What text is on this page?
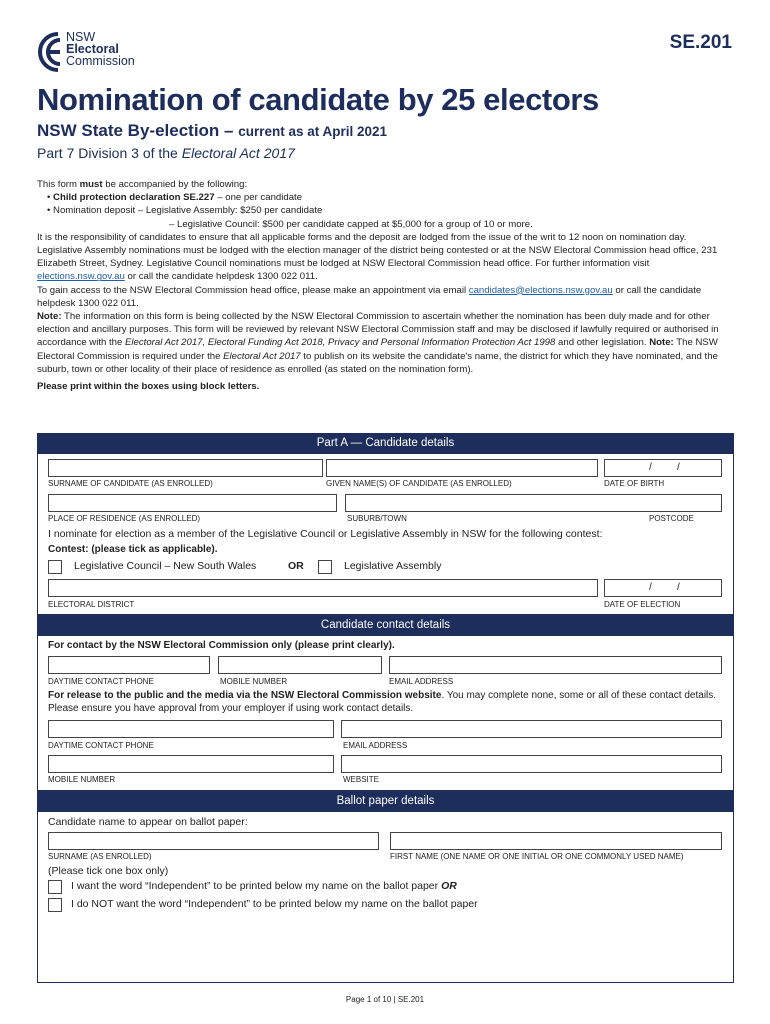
NSW
Electoral
Commission
SE.201
Nomination of candidate by 25 electors
NSW State By-election – current as at April 2021
Part 7 Division 3 of the Electoral Act 2017

This form must be accompanied by the following:

• Child protection declaration SE.227 – one per candidate

• Nomination deposit – Legislative Assembly: $250 per candidate

– Legislative Council: $500 per candidate capped at $5,000 for a group of 10 or more.

It is the responsibility of candidates to ensure that all applicable forms and the deposit are lodged from the issue of the writ to 12 noon on nomination day.

Legislative Assembly nominations must be lodged with the election manager of the district being contested or at the NSW Electoral Commission head office, 231 Elizabeth Street, Sydney. Legislative Council nominations must be lodged at NSW Electoral Commission head office. For further information visit elections.nsw.gov.au or call the candidate helpdesk 1300 022 011.

To gain access to the NSW Electoral Commission head office, please make an appointment via email candidates@elections.nsw.gov.au or call the candidate helpdesk 1300 022 011.

Note: The information on this form is being collected by the NSW Electoral Commission to ascertain whether the nomination has been duly made and for other election and ancillary purposes. This form will be reviewed by relevant NSW Electoral Commission staff and may be disclosed if lawfully required or authorised in accordance with the Electoral Act 2017, Electoral Funding Act 2018, Privacy and Personal Information Protection Act 1998 and other legislation. Note: The NSW Electoral Commission is required under the Electoral Act 2017 to publish on its website the candidate's name, the district for which they have nominated, and the suburb, town or other locality of their place of residence as enrolled (as stated on the nomination form).

Please print within the boxes using block letters.

Part A — Candidate details
/	/
SURNAME OF CANDIDATE (AS ENROLLED)	GIVEN NAME(S) OF CANDIDATE (AS ENROLLED)	DATE OF BIRTH
PLACE OF RESIDENCE (AS ENROLLED)	SUBURB/TOWN	POSTCODE
I nominate for election as a member of the Legislative Council or Legislative Assembly in NSW for the following contest:
Contest: (please tick as applicable).
Legislative Council – New South Wales	OR	Legislative Assembly
/	/
ELECTORAL DISTRICT	DATE OF ELECTION
Candidate contact details
For contact by the NSW Electoral Commission only (please print clearly).
DAYTIME CONTACT PHONE	MOBILE NUMBER	EMAIL ADDRESS
For release to the public and the media via the NSW Electoral Commission website. You may complete none, some or all of these contact details. Please ensure you have approval from your employer if using work contact details.
DAYTIME CONTACT PHONE	EMAIL ADDRESS
MOBILE NUMBER	WEBSITE
Ballot paper details
Candidate name to appear on ballot paper:
SURNAME (AS ENROLLED)	FIRST NAME (ONE NAME OR ONE INITIAL OR ONE COMMONLY USED NAME)
(Please tick one box only)
I want the word “Independent” to be printed below my name on the ballot paper OR
I do NOT want the word “Independent” to be printed below my name on the ballot paper
Page 1 of 10 | SE.201
